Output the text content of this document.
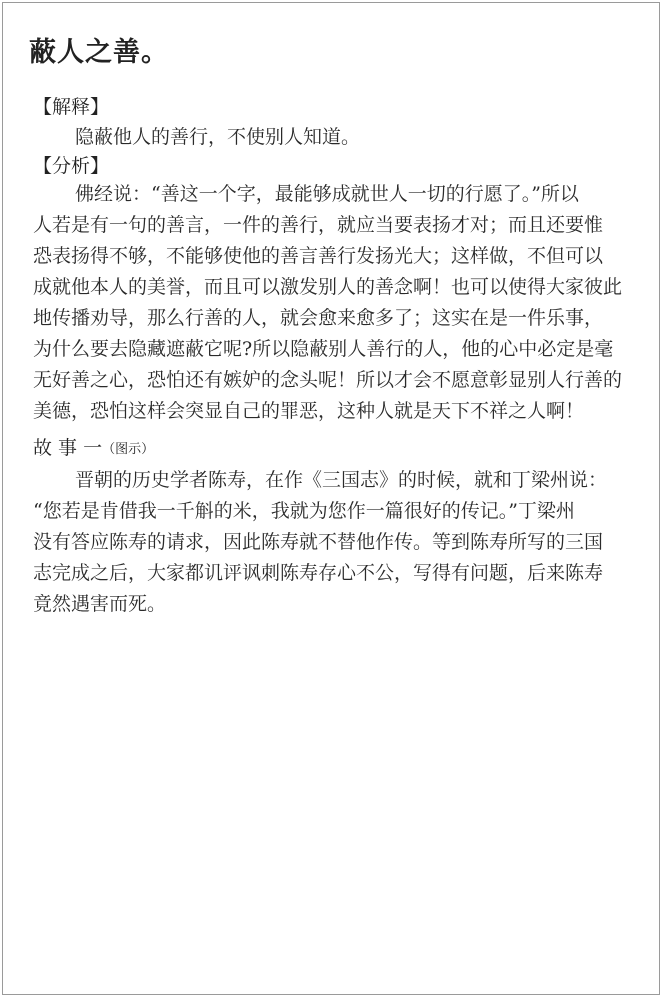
蔽人之善。
【解释】
隐蔽他人的善行，不使别人知道。
【分析】
佛经说：“善这一个字，最能够成就世人一切的行愿了。”所以
人若是有一句的善言，一件的善行，就应当要表扬才对；而且还要惟
恐表扬得不够，不能够使他的善言善行发扬光大；这样做，不但可以
成就他本人的美誉，而且可以激发别人的善念啊！也可以使得大家彼此
地传播劝导，那么行善的人，就会愈来愈多了；这实在是一件乐事，
为什么要去隐藏遮蔽它呢?所以隐蔽别人善行的人，他的心中必定是毫
无好善之心，恐怕还有嫉妒的念头呢！所以才会不愿意彰显别人行善的
美德，恐怕这样会突显自己的罪恶，这种人就是天下不祥之人啊！
故 事 一（图示）
晋朝的历史学者陈寿，在作《三国志》的时候，就和丁梁州说：
“您若是肯借我一千斛的米，我就为您作一篇很好的传记。”丁梁州
没有答应陈寿的请求，因此陈寿就不替他作传。等到陈寿所写的三国
志完成之后，大家都讥评讽刺陈寿存心不公，写得有问题，后来陈寿
竟然遇害而死。
